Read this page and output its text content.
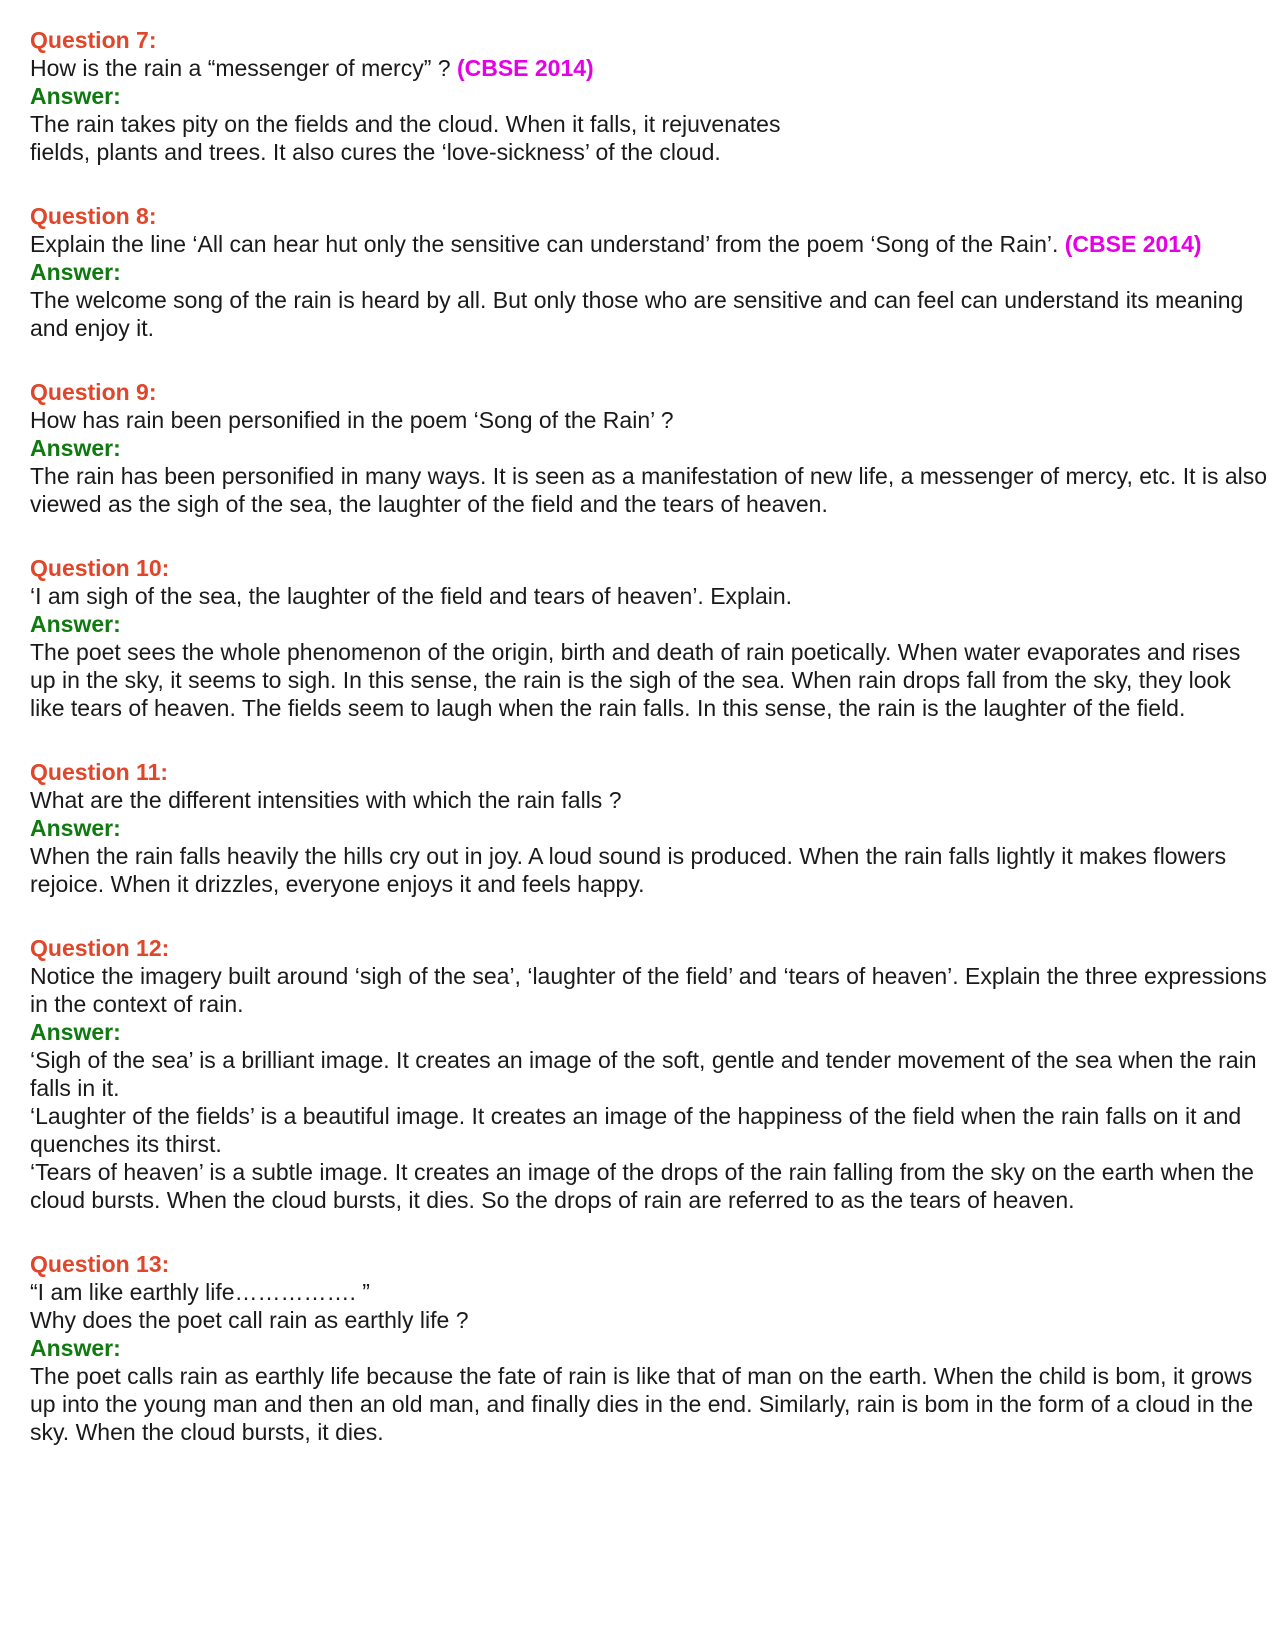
Question 7:

How is the rain a “messenger of mercy” ? (CBSE 2014)

Answer:

The rain takes pity on the fields and the cloud. When it falls, it rejuvenates
fields, plants and trees. It also cures the ‘love-sickness’ of the cloud.

Question 8:

Explain the line ‘All can hear hut only the sensitive can understand’ from the poem ‘Song of the Rain’. (CBSE 2014)

Answer:

The welcome song of the rain is heard by all. But only those who are sensitive and can feel can understand its meaning and enjoy it.

Question 9:

How has rain been personified in the poem ‘Song of the Rain’ ?

Answer:

The rain has been personified in many ways. It is seen as a manifestation of new life, a messenger of mercy, etc. It is also viewed as the sigh of the sea, the laughter of the field and the tears of heaven.

Question 10:

‘I am sigh of the sea, the laughter of the field and tears of heaven’. Explain.

Answer:

The poet sees the whole phenomenon of the origin, birth and death of rain poetically. When water evaporates and rises up in the sky, it seems to sigh. In this sense, the rain is the sigh of the sea. When rain drops fall from the sky, they look like tears of heaven. The fields seem to laugh when the rain falls. In this sense, the rain is the laughter of the field.

Question 11:

What are the different intensities with which the rain falls ?

Answer:

When the rain falls heavily the hills cry out in joy. A loud sound is produced. When the rain falls lightly it makes flowers rejoice. When it drizzles, everyone enjoys it and feels happy.

Question 12:

Notice the imagery built around ‘sigh of the sea’, ‘laughter of the field’ and ‘tears of heaven’. Explain the three expressions in the context of rain.

Answer:

‘Sigh of the sea’ is a brilliant image. It creates an image of the soft, gentle and tender movement of the sea when the rain falls in it.

‘Laughter of the fields’ is a beautiful image. It creates an image of the happiness of the field when the rain falls on it and quenches its thirst.

‘Tears of heaven’ is a subtle image. It creates an image of the drops of the rain falling from the sky on the earth when the cloud bursts. When the cloud bursts, it dies. So the drops of rain are referred to as the tears of heaven.

Question 13:

“I am like earthly life……………. ”
Why does the poet call rain as earthly life ?

Answer:

The poet calls rain as earthly life because the fate of rain is like that of man on the earth. When the child is bom, it grows up into the young man and then an old man, and finally dies in the end. Similarly, rain is bom in the form of a cloud in the sky. When the cloud bursts, it dies.
